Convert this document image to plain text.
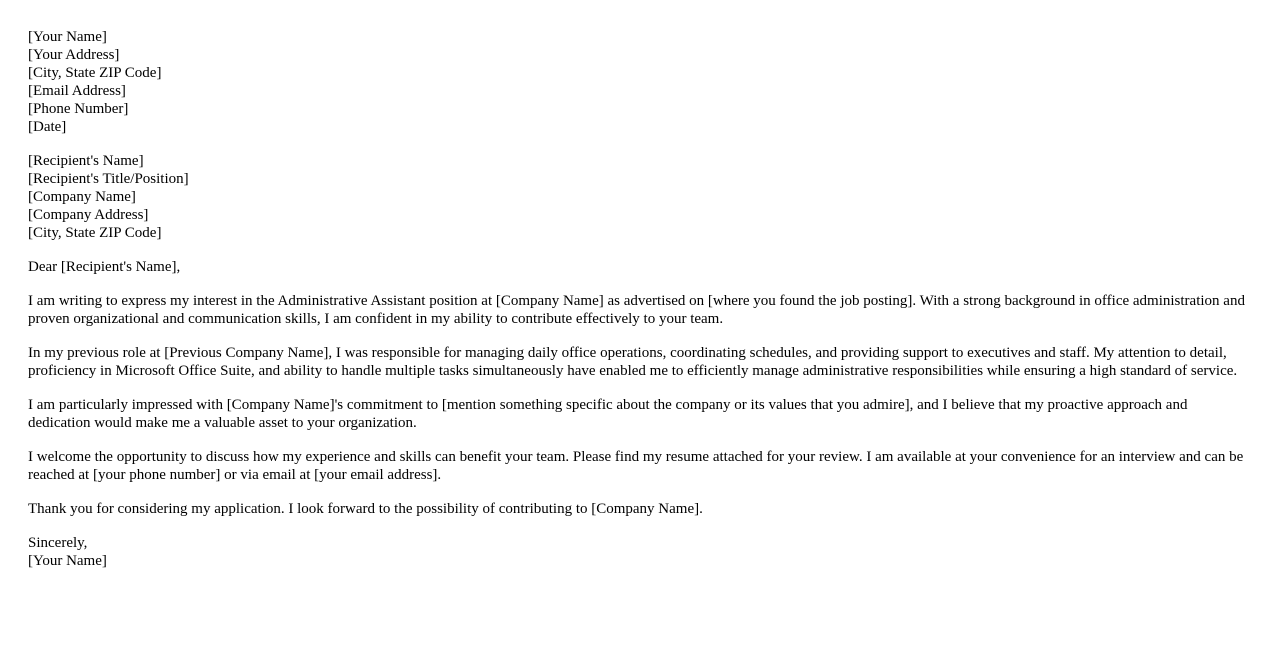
[Your Name]
[Your Address]
[City, State ZIP Code]
[Email Address]
[Phone Number]
[Date]
[Recipient's Name]
[Recipient's Title/Position]
[Company Name]
[Company Address]
[City, State ZIP Code]

Dear [Recipient's Name],

I am writing to express my interest in the Administrative Assistant position at [Company Name] as advertised on [where you found the job posting]. With a strong background in office administration and proven organizational and communication skills, I am confident in my ability to contribute effectively to your team.

In my previous role at [Previous Company Name], I was responsible for managing daily office operations, coordinating schedules, and providing support to executives and staff. My attention to detail, proficiency in Microsoft Office Suite, and ability to handle multiple tasks simultaneously have enabled me to efficiently manage administrative responsibilities while ensuring a high standard of service.

I am particularly impressed with [Company Name]'s commitment to [mention something specific about the company or its values that you admire], and I believe that my proactive approach and dedication would make me a valuable asset to your organization.

I welcome the opportunity to discuss how my experience and skills can benefit your team. Please find my resume attached for your review. I am available at your convenience for an interview and can be reached at [your phone number] or via email at [your email address].

Thank you for considering my application. I look forward to the possibility of contributing to [Company Name].

Sincerely,
[Your Name]
